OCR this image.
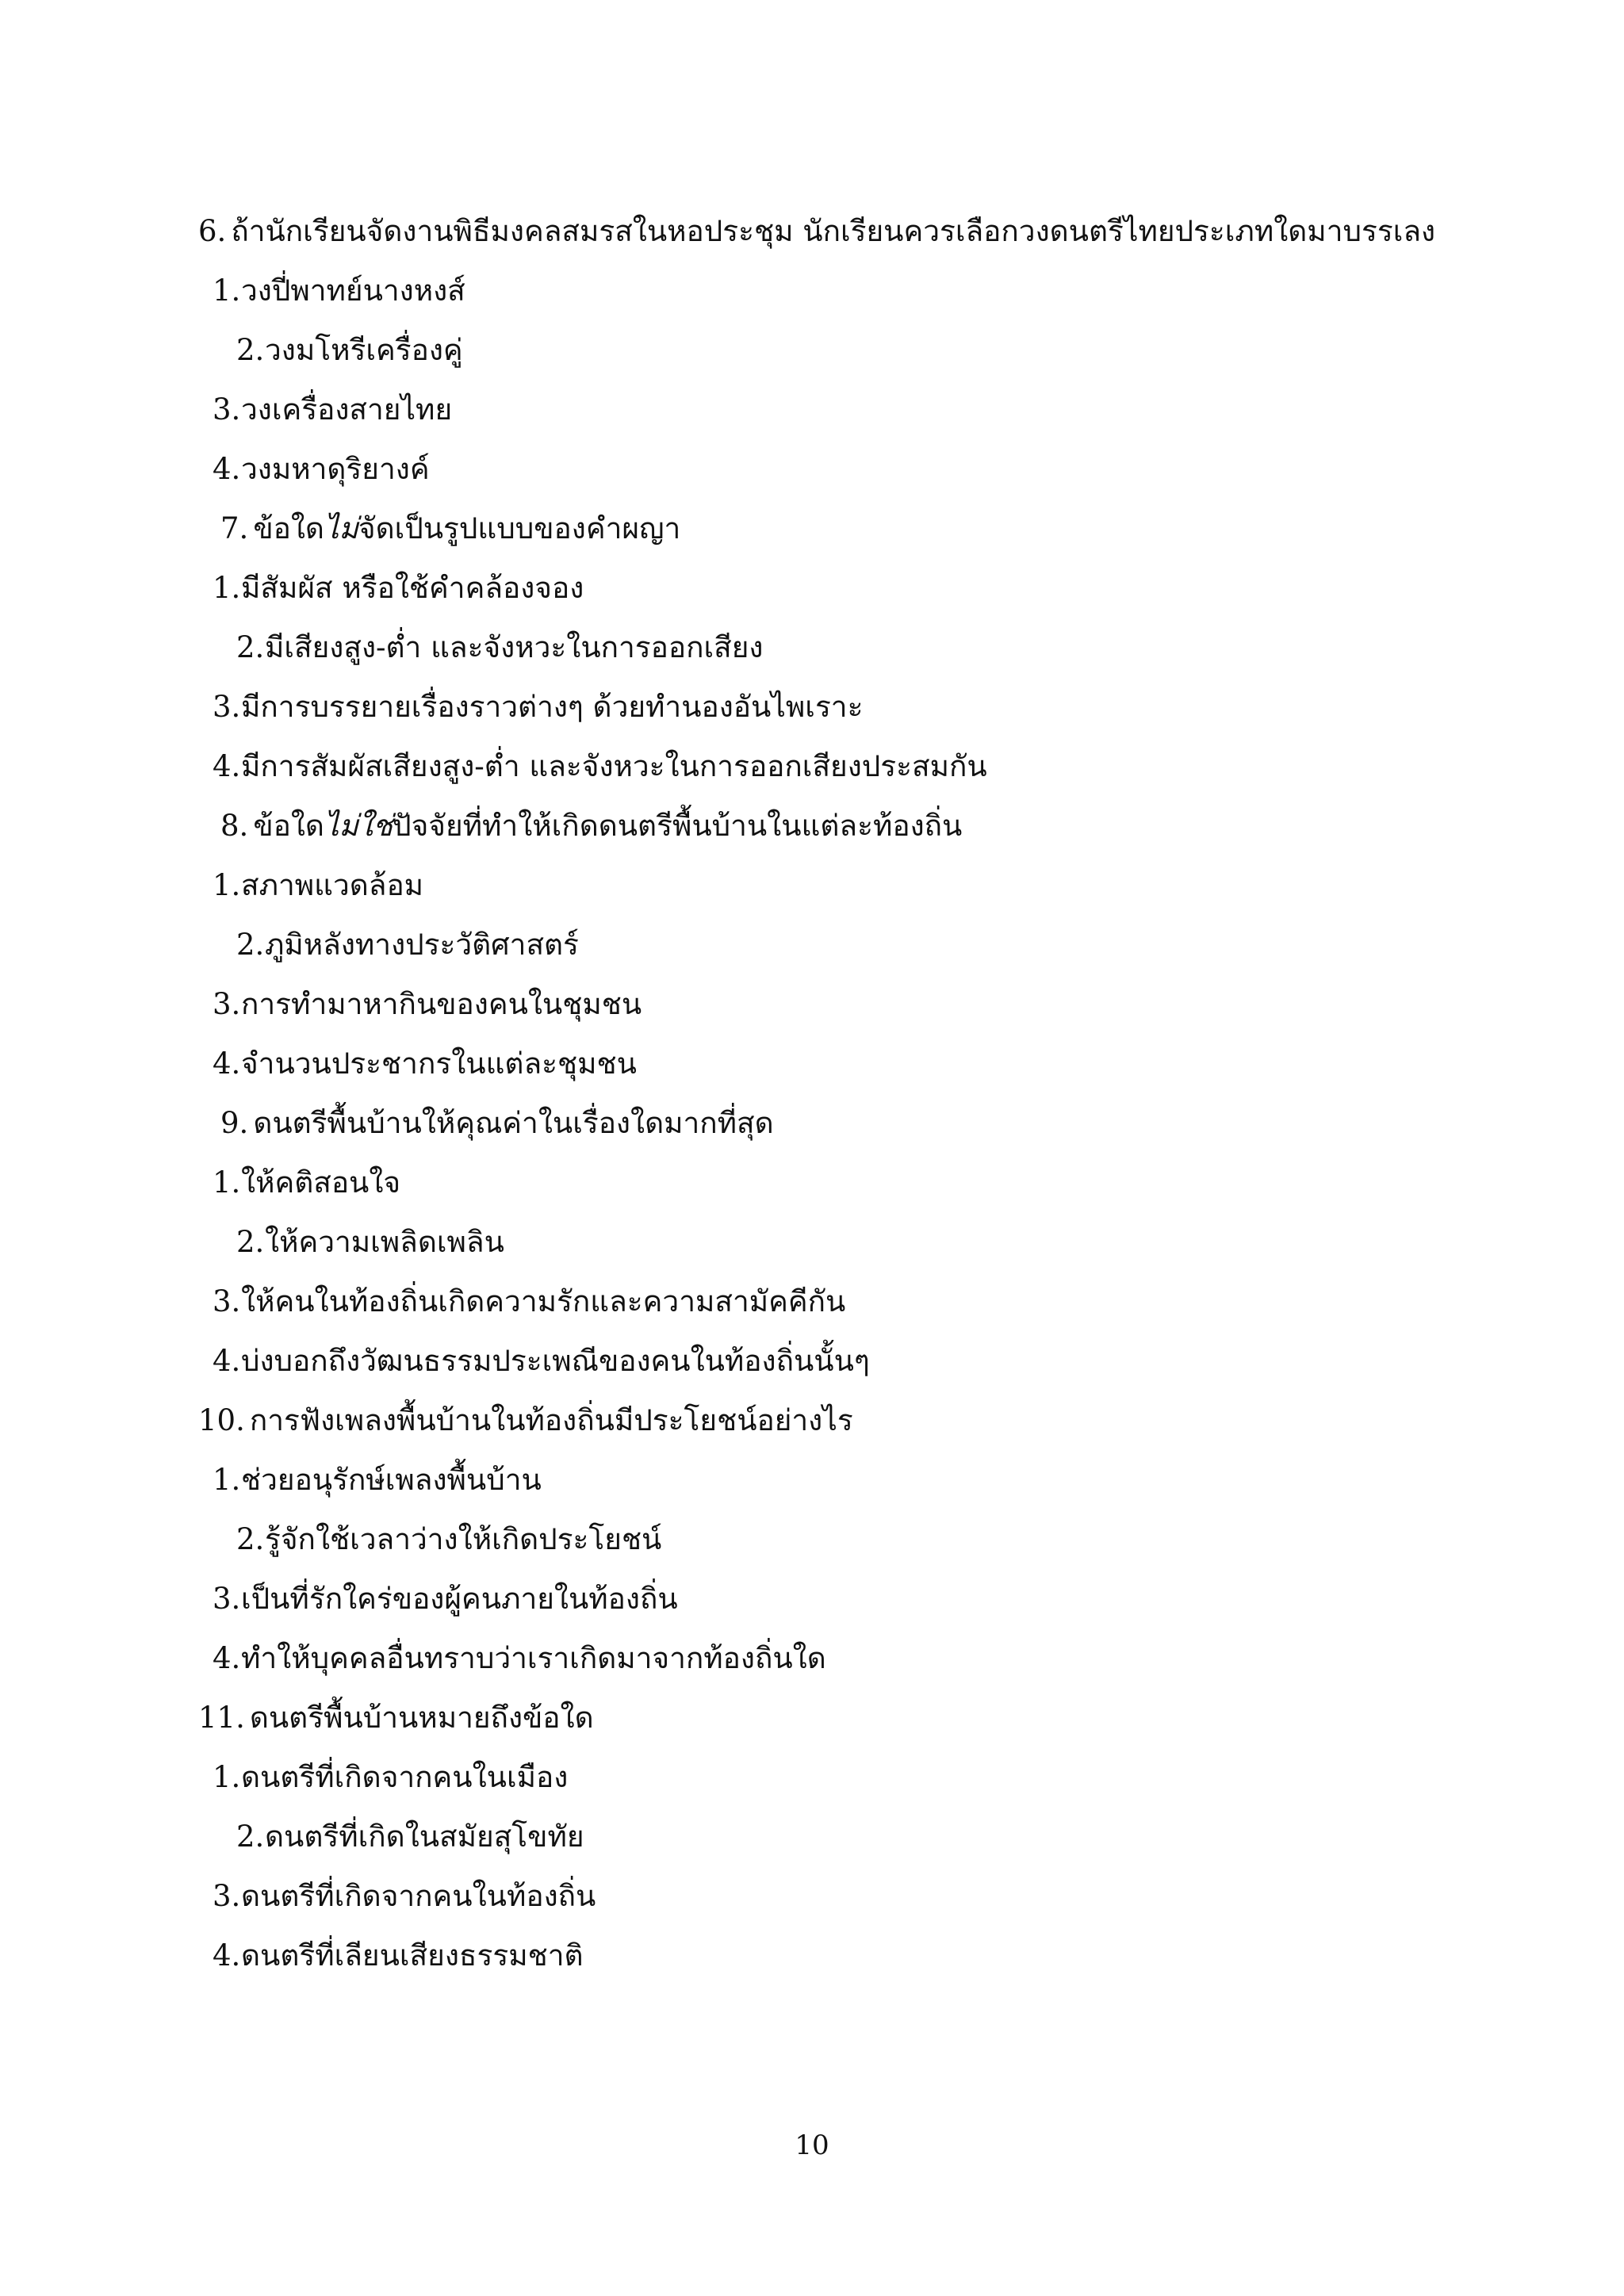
6. ถ้านักเรียนจัดงานพิธีมงคลสมรสในหอประชุม นักเรียนควรเลือกวงดนตรีไทยประเภทใดมาบรรเลง
1.วงปี่พาทย์นางหงส์
2.วงมโหรีเครื่องคู่
3.วงเครื่องสายไทย
4.วงมหาดุริยางค์
7. ข้อใดไม่จัดเป็นรูปแบบของคำผญา
1.มีสัมผัส หรือใช้คำคล้องจอง
2.มีเสียงสูง-ต่ำ และจังหวะในการออกเสียง
3.มีการบรรยายเรื่องราวต่างๆ ด้วยทำนองอันไพเราะ
4.มีการสัมผัสเสียงสูง-ต่ำ และจังหวะในการออกเสียงประสมกัน
8. ข้อใดไม่ใช่ปัจจัยที่ทำให้เกิดดนตรีพื้นบ้านในแต่ละท้องถิ่น
1.สภาพแวดล้อม
2.ภูมิหลังทางประวัติศาสตร์
3.การทำมาหากินของคนในชุมชน
4.จำนวนประชากรในแต่ละชุมชน
9. ดนตรีพื้นบ้านให้คุณค่าในเรื่องใดมากที่สุด
1.ให้คติสอนใจ
2.ให้ความเพลิดเพลิน
3.ให้คนในท้องถิ่นเกิดความรักและความสามัคคีกัน
4.บ่งบอกถึงวัฒนธรรมประเพณีของคนในท้องถิ่นนั้นๆ
10. การฟังเพลงพื้นบ้านในท้องถิ่นมีประโยชน์อย่างไร
1.ช่วยอนุรักษ์เพลงพื้นบ้าน
2.รู้จักใช้เวลาว่างให้เกิดประโยชน์
3.เป็นที่รักใคร่ของผู้คนภายในท้องถิ่น
4.ทำให้บุคคลอื่นทราบว่าเราเกิดมาจากท้องถิ่นใด
11. ดนตรีพื้นบ้านหมายถึงข้อใด
1.ดนตรีที่เกิดจากคนในเมือง
2.ดนตรีที่เกิดในสมัยสุโขทัย
3.ดนตรีที่เกิดจากคนในท้องถิ่น
4.ดนตรีที่เลียนเสียงธรรมชาติ
10
